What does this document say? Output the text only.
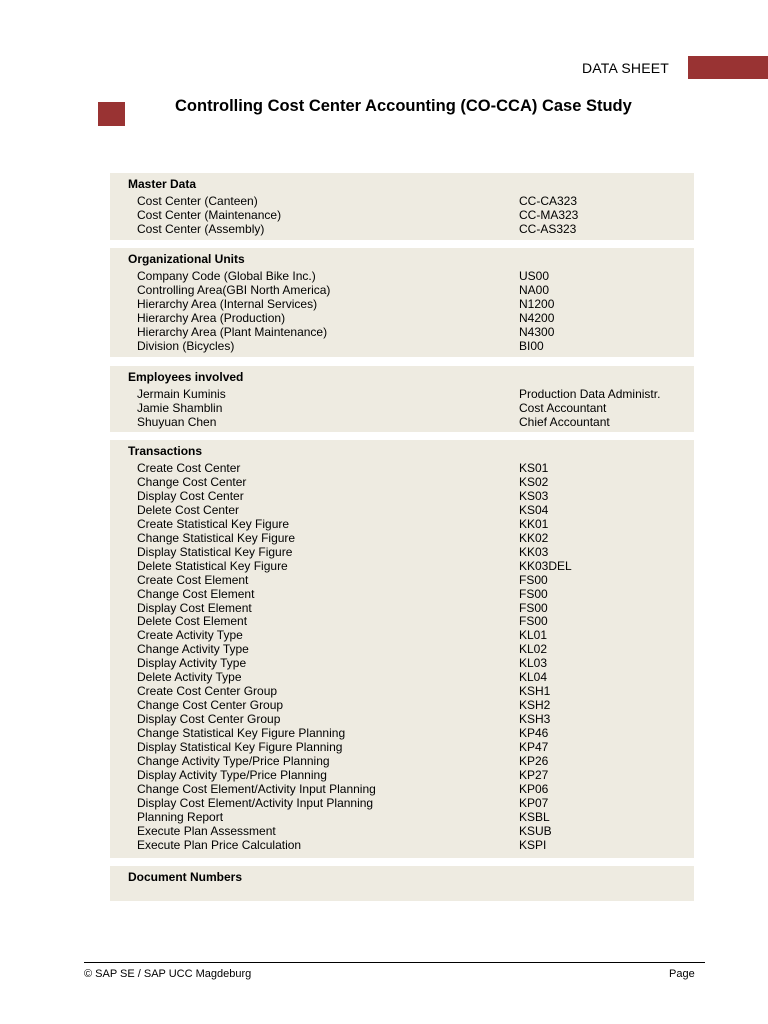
DATA SHEET
Controlling Cost Center Accounting (CO-CCA) Case Study
Master Data
Cost Center (Canteen)	CC-CA323
Cost Center (Maintenance)	CC-MA323
Cost Center (Assembly)	CC-AS323
Organizational Units
Company Code (Global Bike Inc.)	US00
Controlling Area(GBI North America)	NA00
Hierarchy Area (Internal Services)	N1200
Hierarchy Area (Production)	N4200
Hierarchy Area (Plant Maintenance)	N4300
Division (Bicycles)	BI00
Employees involved
Jermain Kuminis	Production Data Administr.
Jamie Shamblin	Cost Accountant
Shuyuan Chen	Chief Accountant
Transactions
Create Cost Center	KS01
Change Cost Center	KS02
Display Cost Center	KS03
Delete Cost Center	KS04
Create Statistical Key Figure	KK01
Change Statistical Key Figure	KK02
Display Statistical Key Figure	KK03
Delete Statistical Key Figure	KK03DEL
Create Cost Element	FS00
Change Cost Element	FS00
Display Cost Element	FS00
Delete Cost Element	FS00
Create Activity Type	KL01
Change Activity Type	KL02
Display Activity Type	KL03
Delete Activity Type	KL04
Create Cost Center Group	KSH1
Change Cost Center Group	KSH2
Display Cost Center Group	KSH3
Change Statistical Key Figure Planning	KP46
Display Statistical Key Figure Planning	KP47
Change Activity Type/Price Planning	KP26
Display Activity Type/Price Planning	KP27
Change Cost Element/Activity Input Planning	KP06
Display Cost Element/Activity Input Planning	KP07
Planning Report	KSBL
Execute Plan Assessment	KSUB
Execute Plan Price Calculation	KSPI
Document Numbers
© SAP SE / SAP UCC Magdeburg	Page
